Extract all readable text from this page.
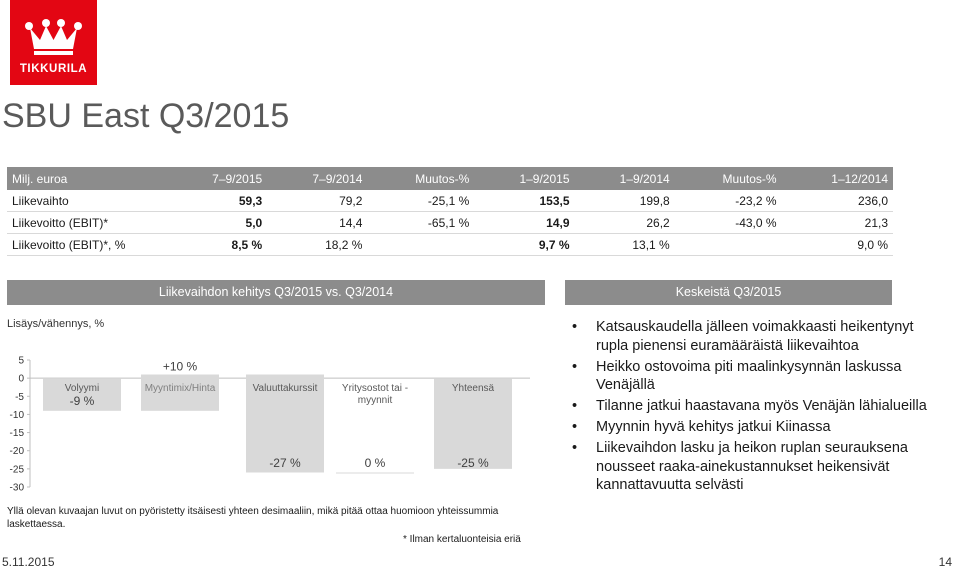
TIKKURILA
SBU East Q3/2015
Milj. euroa	7–9/2015	7–9/2014	Muutos-%	1–9/2015	1–9/2014	Muutos-%	1–12/2014
Liikevaihto	59,3	79,2	-25,1 %	153,5	199,8	-23,2 %	236,0
Liikevoitto (EBIT)*	5,0	14,4	-65,1 %	14,9	26,2	-43,0 %	21,3
Liikevoitto (EBIT)*, %	8,5 %	18,2 %		9,7 %	13,1 %		9,0 %
Liikevaihdon kehitys Q3/2015 vs. Q3/2014	Keskeistä Q3/2015
Lisäys/vähennys, %
5
0
-5
-10
-15
-20
-25
-30
Volyymi
-9 %
Myyntimix/Hinta
+10 %
Valuuttakurssit
-27 %
Yritysostot tai -myynnit
0 %
Yhteensä
-25 %
Yllä olevan kuvaajan luvut on pyöristetty itsäisesti yhteen desimaaliin, mikä pitää ottaa huomioon yhteissummia laskettaessa.
* Ilman kertaluonteisia eriä
• Katsauskaudella jälleen voimakkaasti heikentynyt rupla pienensi euramääräistä liikevaihtoa
• Heikko ostovoima piti maalinkysynnän laskussa Venäjällä
• Tilanne jatkui haastavana myös Venäjän lähialueilla
• Myynnin hyvä kehitys jatkui Kiinassa
• Liikevaihdon lasku ja heikon ruplan seurauksena nousseet raaka-ainekustannukset heikensivät kannattavuutta selvästi
5.11.2015	14
